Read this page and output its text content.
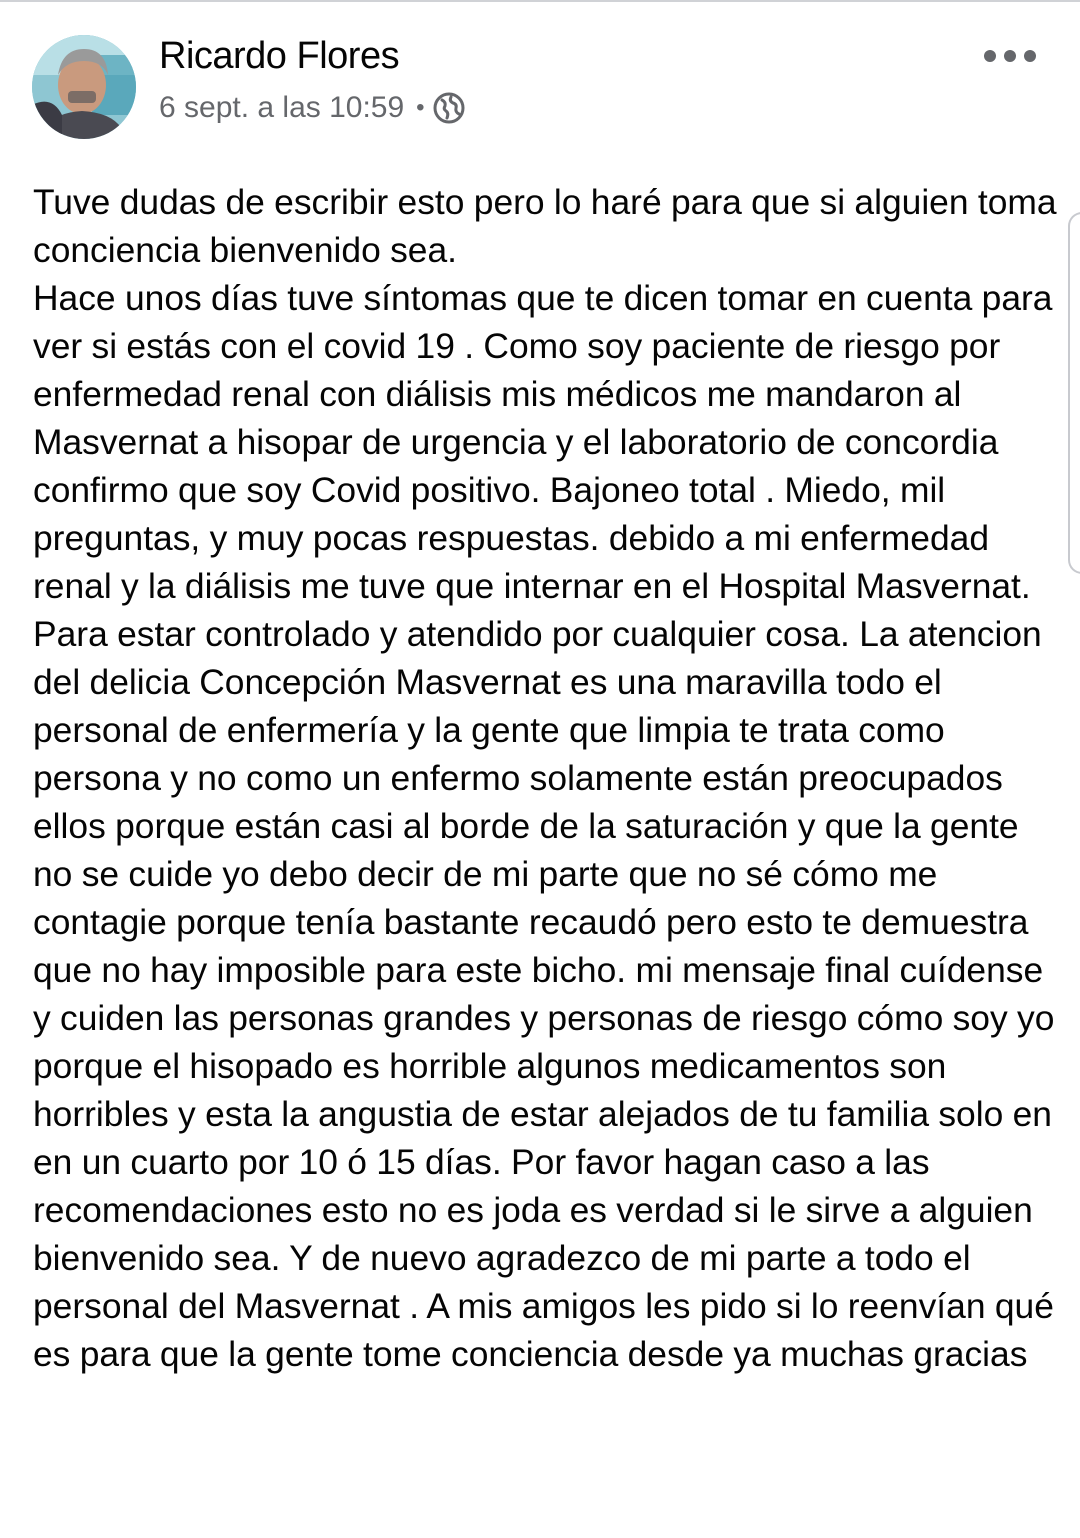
Ricardo Flores
6 sept. a las 10:59 •

Tuve dudas de escribir esto pero lo haré para que si alguien toma conciencia bienvenido sea.
Hace unos días tuve síntomas que te dicen tomar en cuenta para ver si estás con el covid 19 . Como soy paciente de riesgo por enfermedad renal con diálisis mis médicos me mandaron al Masvernat a hisopar de urgencia y el laboratorio de concordia confirmo que soy Covid positivo. Bajoneo total . Miedo, mil preguntas, y muy pocas respuestas. debido a mi enfermedad renal y la diálisis me tuve que internar en el Hospital Masvernat. Para estar controlado y atendido por cualquier cosa. La atencion del delicia Concepción Masvernat es una maravilla todo el personal de enfermería y la gente que limpia te trata como persona y no como un enfermo solamente están preocupados ellos porque están casi al borde de la saturación y que la gente no se cuide yo debo decir de mi parte que no sé cómo me contagie porque tenía bastante recaudó pero esto te demuestra que no hay imposible para este bicho. mi mensaje final cuídense y cuiden las personas grandes y personas de riesgo cómo soy yo porque el hisopado es horrible algunos medicamentos son horribles y esta la angustia de estar alejados de tu familia solo en en un cuarto por 10 ó 15 días. Por favor hagan caso a las recomendaciones esto no es joda es verdad si le sirve a alguien bienvenido sea. Y de nuevo agradezco de mi parte a todo el personal del Masvernat . A mis amigos les pido si lo reenvían qué es para que la gente tome conciencia desde ya muchas gracias
